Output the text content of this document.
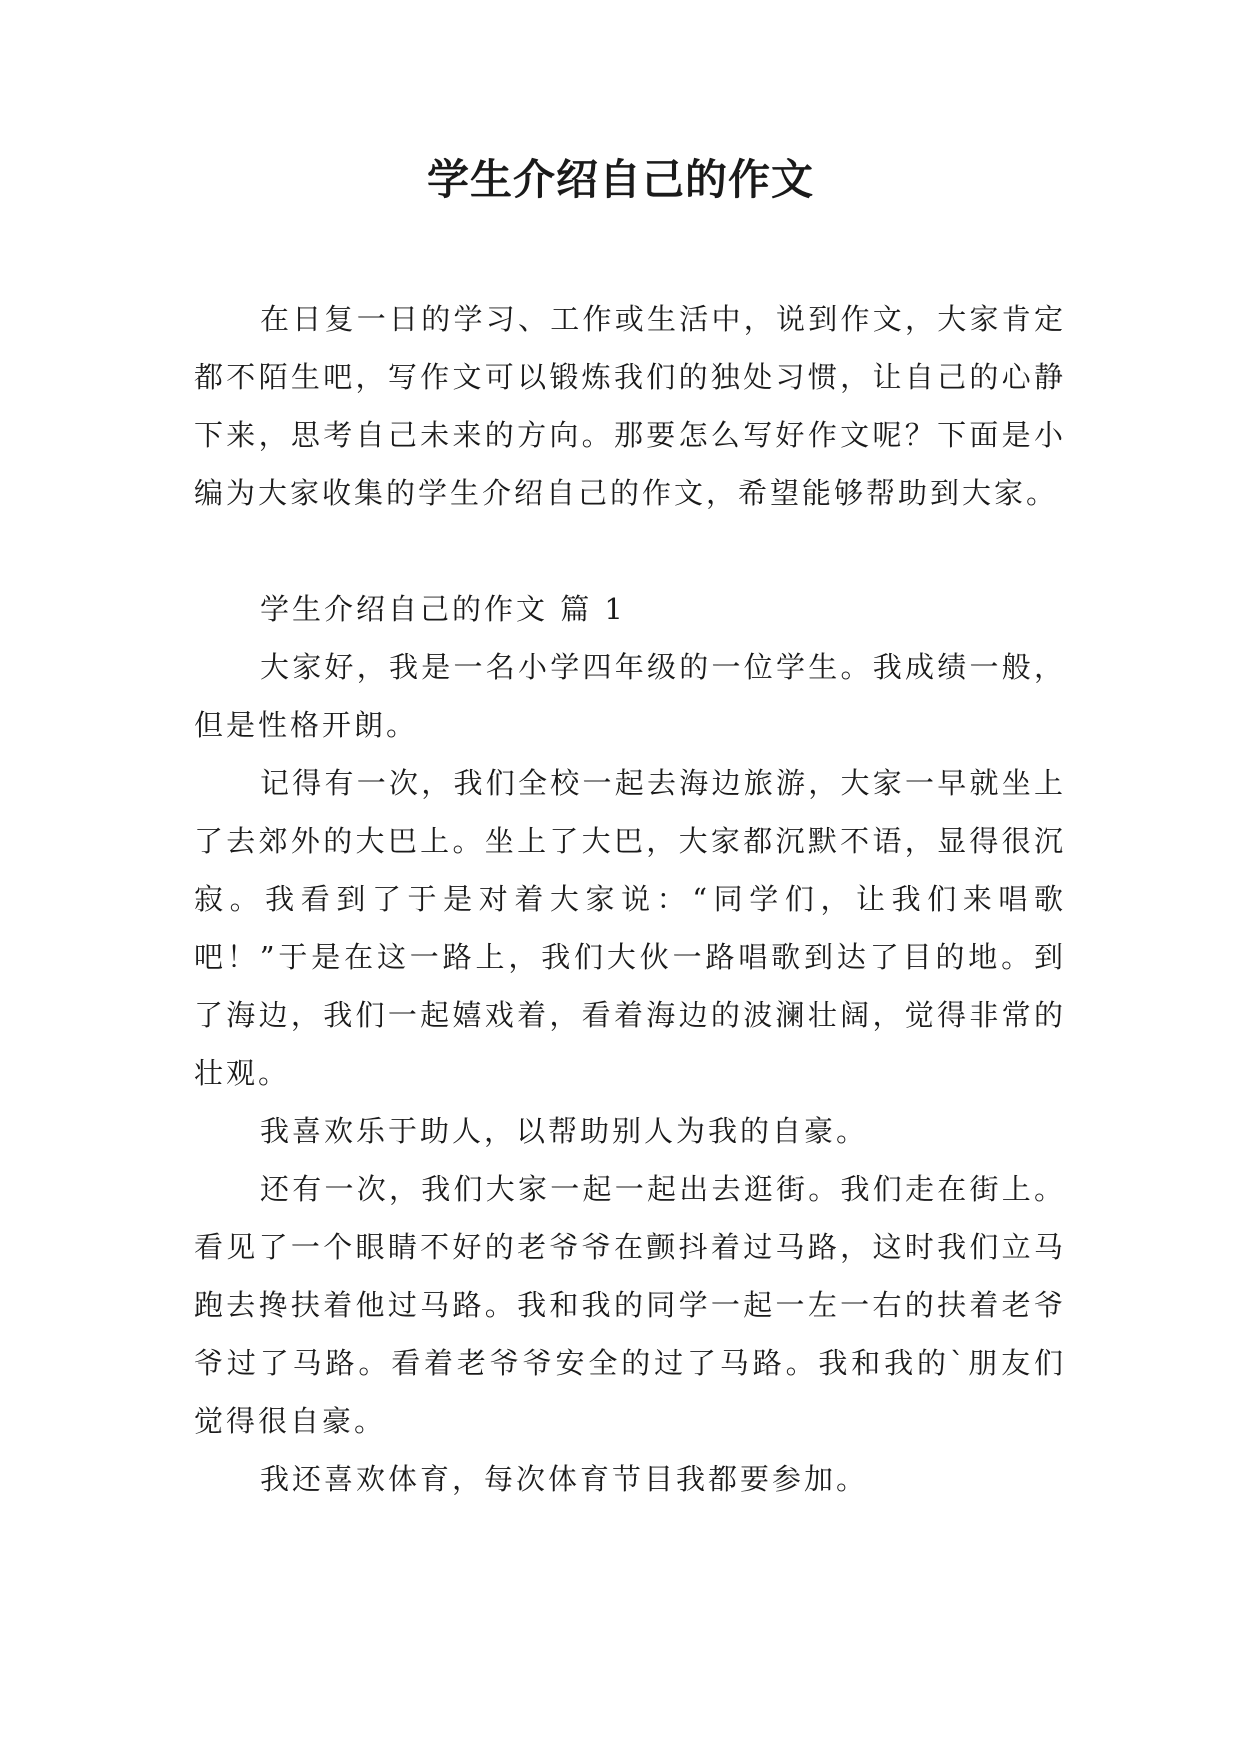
学生介绍自己的作文

在日复一日的学习、工作或生活中，说到作文，大家肯定都不陌生吧，写作文可以锻炼我们的独处习惯，让自己的心静下来，思考自己未来的方向。那要怎么写好作文呢？下面是小编为大家收集的学生介绍自己的作文，希望能够帮助到大家。

学生介绍自己的作文 篇 1

大家好，我是一名小学四年级的一位学生。我成绩一般，但是性格开朗。

记得有一次，我们全校一起去海边旅游，大家一早就坐上了去郊外的大巴上。坐上了大巴，大家都沉默不语，显得很沉寂。我看到了于是对着大家说：“同学们，让我们来唱歌吧！”于是在这一路上，我们大伙一路唱歌到达了目的地。到了海边，我们一起嬉戏着，看着海边的波澜壮阔，觉得非常的壮观。

我喜欢乐于助人，以帮助别人为我的自豪。

还有一次，我们大家一起一起出去逛街。我们走在街上。看见了一个眼睛不好的老爷爷在颤抖着过马路，这时我们立马跑去搀扶着他过马路。我和我的同学一起一左一右的扶着老爷爷过了马路。看着老爷爷安全的过了马路。我和我的`朋友们觉得很自豪。

我还喜欢体育，每次体育节目我都要参加。
